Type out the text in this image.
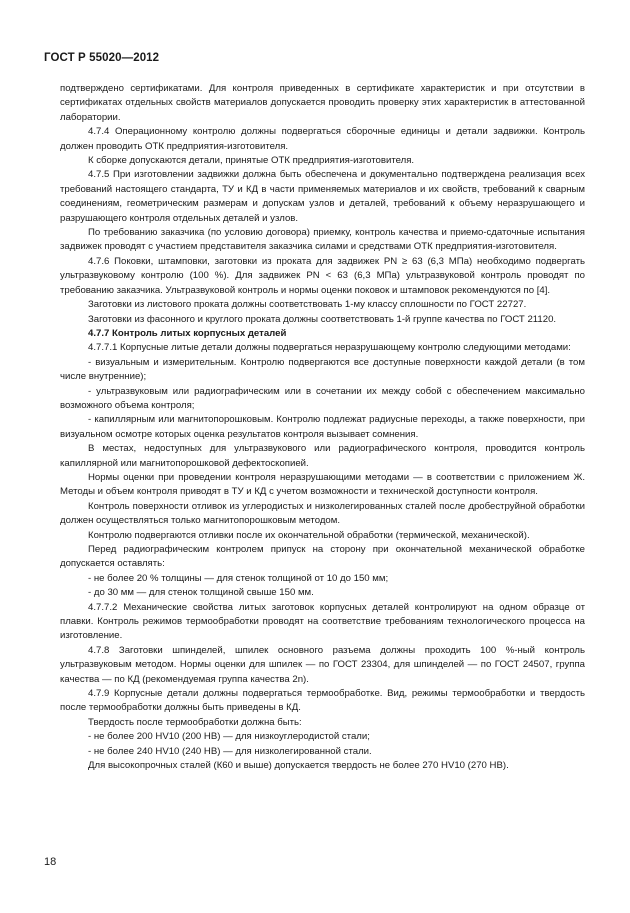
ГОСТ Р 55020—2012

подтверждено сертификатами. Для контроля приведенных в сертификате характеристик и при отсутствии в сертификатах отдельных свойств материалов допускается проводить проверку этих характеристик в аттестованной лаборатории.

4.7.4 Операционному контролю должны подвергаться сборочные единицы и детали задвижки. Контроль должен проводить ОТК предприятия-изготовителя.

К сборке допускаются детали, принятые ОТК предприятия-изготовителя.

4.7.5 При изготовлении задвижки должна быть обеспечена и документально подтверждена реализация всех требований настоящего стандарта, ТУ и КД в части применяемых материалов и их свойств, требований к сварным соединениям, геометрическим размерам и допускам узлов и деталей, требований к объему неразрушающего и разрушающего контроля отдельных деталей и узлов.

По требованию заказчика (по условию договора) приемку, контроль качества и приемо-сдаточные испытания задвижек проводят с участием представителя заказчика силами и средствами ОТК предприятия-изготовителя.

4.7.6 Поковки, штамповки, заготовки из проката для задвижек PN ≥ 63 (6,3 МПа) необходимо подвергать ультразвуковому контролю (100 %). Для задвижек PN < 63 (6,3 МПа) ультразвуковой контроль проводят по требованию заказчика. Ультразвуковой контроль и нормы оценки поковок и штамповок рекомендуются по [4].

Заготовки из листового проката должны соответствовать 1-му классу сплошности по ГОСТ 22727.

Заготовки из фасонного и круглого проката должны соответствовать 1-й группе качества по ГОСТ 21120.

4.7.7 Контроль литых корпусных деталей

4.7.7.1 Корпусные литые детали должны подвергаться неразрушающему контролю следующими методами:

- визуальным и измерительным. Контролю подвергаются все доступные поверхности каждой детали (в том числе внутренние);

- ультразвуковым или радиографическим или в сочетании их между собой с обеспечением максимально возможного объема контроля;

- капиллярным или магнитопорошковым. Контролю подлежат радиусные переходы, а также поверхности, при визуальном осмотре которых оценка результатов контроля вызывает сомнения.

В местах, недоступных для ультразвукового или радиографического контроля, проводится контроль капиллярной или магнитопорошковой дефектоскопией.

Нормы оценки при проведении контроля неразрушающими методами — в соответствии с приложением Ж. Методы и объем контроля приводят в ТУ и КД с учетом возможности и технической доступности контроля.

Контроль поверхности отливок из углеродистых и низколегированных сталей после дробеструйной обработки должен осуществляться только магнитопорошковым методом.

Контролю подвергаются отливки после их окончательной обработки (термической, механической).

Перед радиографическим контролем припуск на сторону при окончательной механической обработке допускается оставлять:

- не более 20 % толщины — для стенок толщиной от 10 до 150 мм;

- до 30 мм — для стенок толщиной свыше 150 мм.

4.7.7.2 Механические свойства литых заготовок корпусных деталей контролируют на одном образце от плавки. Контроль режимов термообработки проводят на соответствие требованиям технологического процесса на изготовление.

4.7.8 Заготовки шпинделей, шпилек основного разъема должны проходить 100 %-ный контроль ультразвуковым методом. Нормы оценки для шпилек — по ГОСТ 23304, для шпинделей — по ГОСТ 24507, группа качества — по КД (рекомендуемая группа качества 2n).

4.7.9 Корпусные детали должны подвергаться термообработке. Вид, режимы термообработки и твердость после термообработки должны быть приведены в КД.

Твердость после термообработки должна быть:

- не более 200 HV10 (200 НВ) — для низкоуглеродистой стали;

- не более 240 HV10 (240 НВ) — для низколегированной стали.

Для высокопрочных сталей (К60 и выше) допускается твердость не более 270 HV10 (270 НВ).

18
